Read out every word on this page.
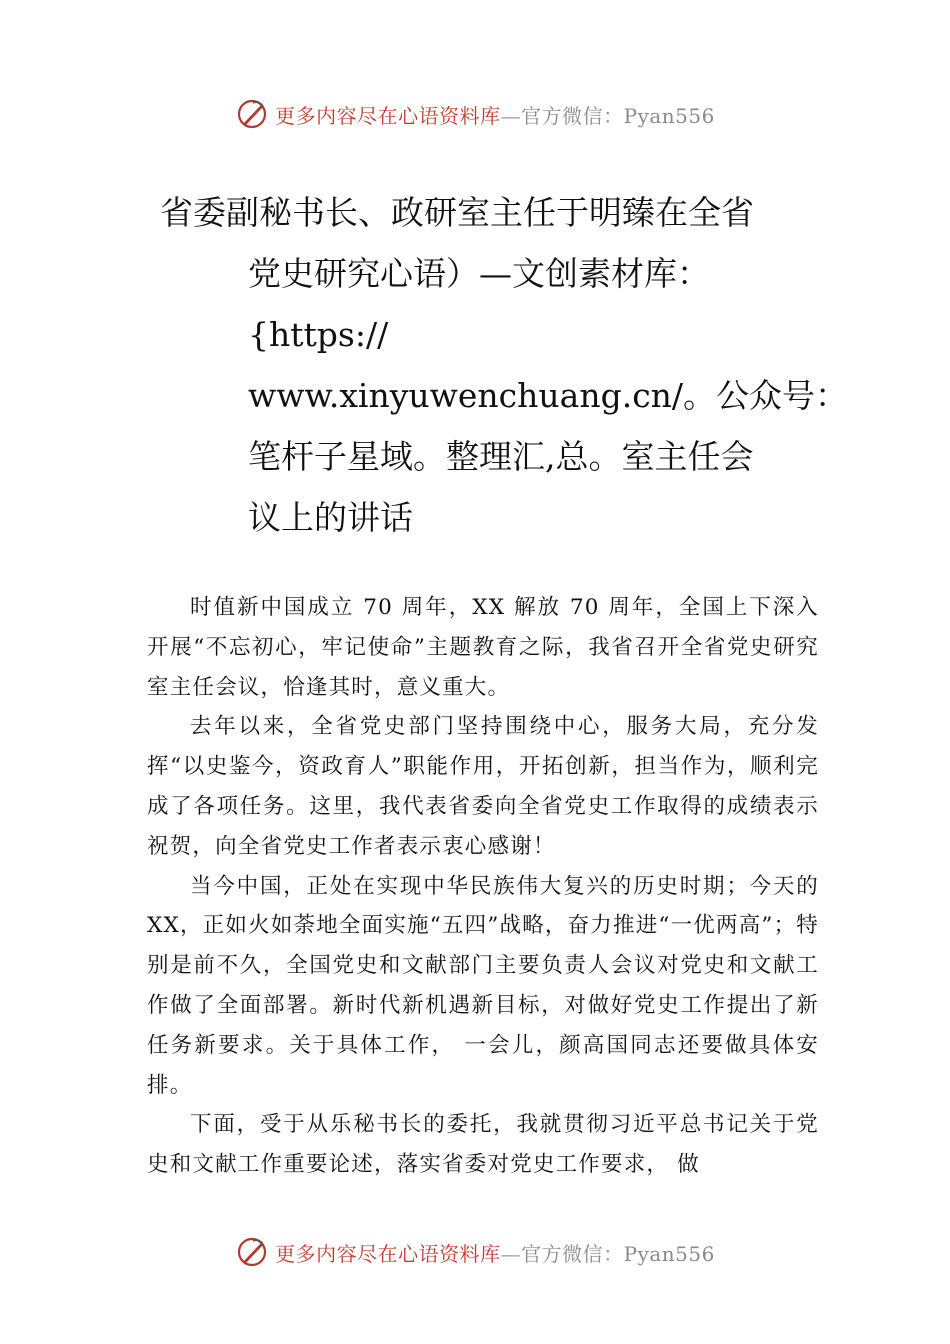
更多内容尽在心语资料库—官方微信：Pyan556
省委副秘书长、政研室主任于明臻在全省
党史研究心语）—文创素材库：
{https://
www.xinyuwenchuang.cn/。公众号：
笔杆子星域。整理汇,总。室主任会
议上的讲话

时值新中国成立 70 周年，XX 解放 70 周年，全国上下深入开展“不忘初心，牢记使命”主题教育之际，我省召开全省党史研究室主任会议，恰逢其时，意义重大。

去年以来，全省党史部门坚持围绕中心，服务大局，充分发挥“以史鉴今，资政育人”职能作用，开拓创新，担当作为，顺利完成了各项任务。这里，我代表省委向全省党史工作取得的成绩表示祝贺，向全省党史工作者表示衷心感谢！

当今中国，正处在实现中华民族伟大复兴的历史时期；今天的 XX，正如火如荼地全面实施“五四”战略，奋力推进“一优两高”；特别是前不久，全国党史和文献部门主要负责人会议对党史和文献工作做了全面部署。新时代新机遇新目标，对做好党史工作提出了新任务新要求。关于具体工作， 一会儿，颜高国同志还要做具体安排。

下面，受于从乐秘书长的委托，我就贯彻习近平总书记关于党史和文献工作重要论述，落实省委对党史工作要求， 做

更多内容尽在心语资料库—官方微信：Pyan556
